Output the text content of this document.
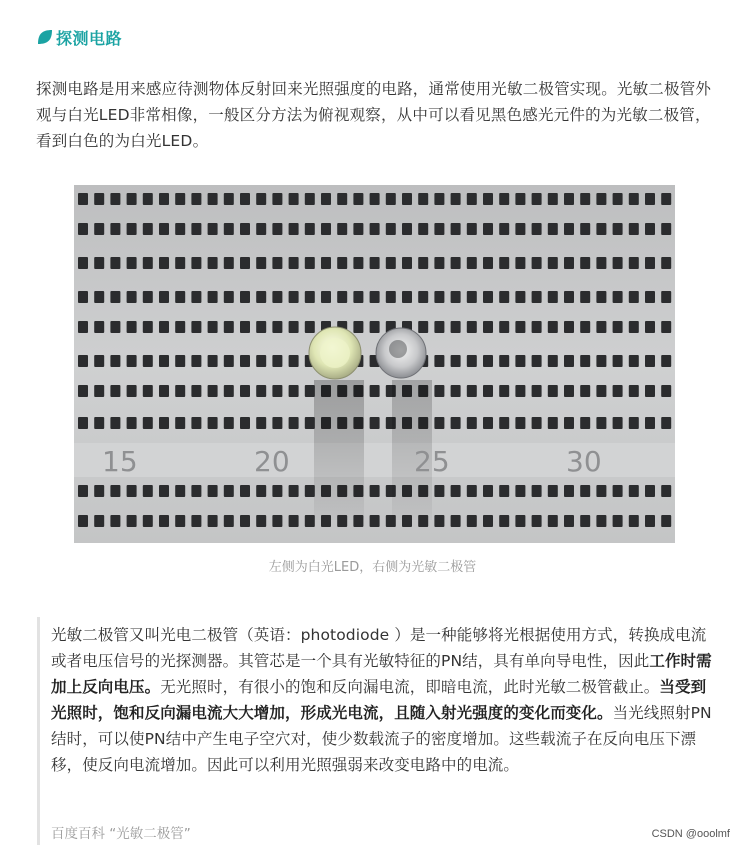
探测电路
探测电路是用来感应待测物体反射回来光照强度的电路，通常使用光敏二极管实现。光敏二极管外观与白光LED非常相像，一般区分方法为俯视观察，从中可以看见黑色感光元件的为光敏二极管，看到白色的为白光LED。
15	20	25	30
左侧为白光LED，右侧为光敏二极管
光敏二极管又叫光电二极管（英语：photodiode ）是一种能够将光根据使用方式，转换成电流或者电压信号的光探测器。其管芯是一个具有光敏特征的PN结，具有单向导电性，因此工作时需加上反向电压。无光照时，有很小的饱和反向漏电流，即暗电流，此时光敏二极管截止。当受到光照时，饱和反向漏电流大大增加，形成光电流，且随入射光强度的变化而变化。当光线照射PN结时，可以使PN结中产生电子空穴对，使少数载流子的密度增加。这些载流子在反向电压下漂移，使反向电流增加。因此可以利用光照强弱来改变电路中的电流。
百度百科 “光敏二极管”	CSDN @ooolmf
